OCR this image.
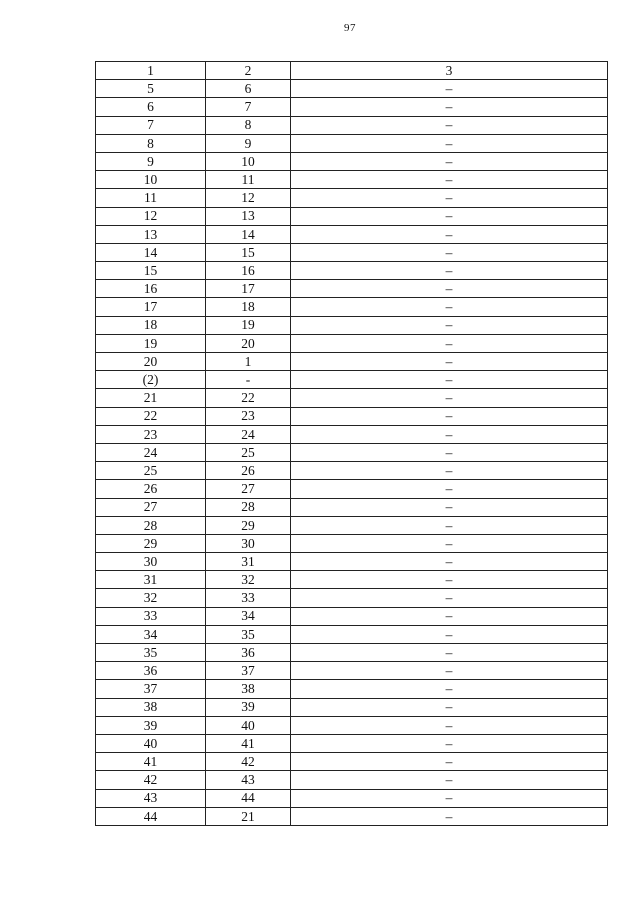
97
1	2	3
5	6	–
6	7	–
7	8	–
8	9	–
9	10	–
10	11	–
11	12	–
12	13	–
13	14	–
14	15	–
15	16	–
16	17	–
17	18	–
18	19	–
19	20	–
20	1	–
(2)	-	–
21	22	–
22	23	–
23	24	–
24	25	–
25	26	–
26	27	–
27	28	–
28	29	–
29	30	–
30	31	–
31	32	–
32	33	–
33	34	–
34	35	–
35	36	–
36	37	–
37	38	–
38	39	–
39	40	–
40	41	–
41	42	–
42	43	–
43	44	–
44	21	–
